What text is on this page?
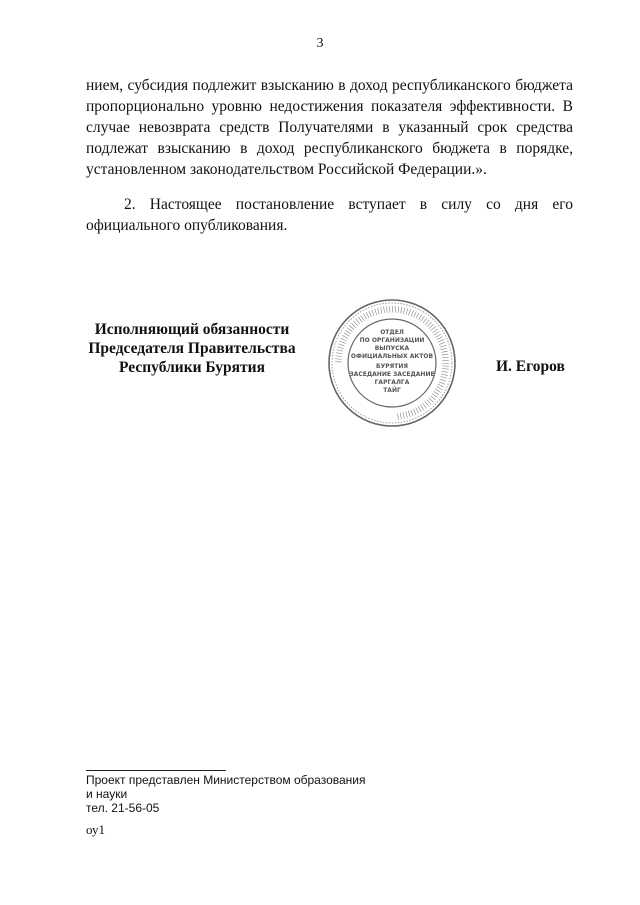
3

нием, субсидия подлежит взысканию в доход республиканского бюджета пропорционально уровню недостижения показателя эффективности. В случае невозврата средств Получателями в указанный срок средства подлежат взысканию в доход республиканского бюджета в порядке, установленном законодательством Российской Федерации.».

2. Настоящее постановление вступает в силу со дня его официального опубликования.

Исполняющий обязанности
Председателя Правительства
Республики Бурятия	||||||||||||||||||||||||||||||||||||||||||||||||||||||||||||||||||||||||||||||||||||||
ОТДЕЛ
ПО ОРГАНИЗАЦИИ
ВЫПУСКА
ОФИЦИАЛЬНЫХ АКТОВ
БУРЯТИЯ
ЗАСЕДАНИЕ ЗАСЕДАНИЕ
ГАРГАЛГА
ТАЙГ
И. Егоров
Проект представлен Министерством образования
и науки
тел. 21-56-05
оу1
